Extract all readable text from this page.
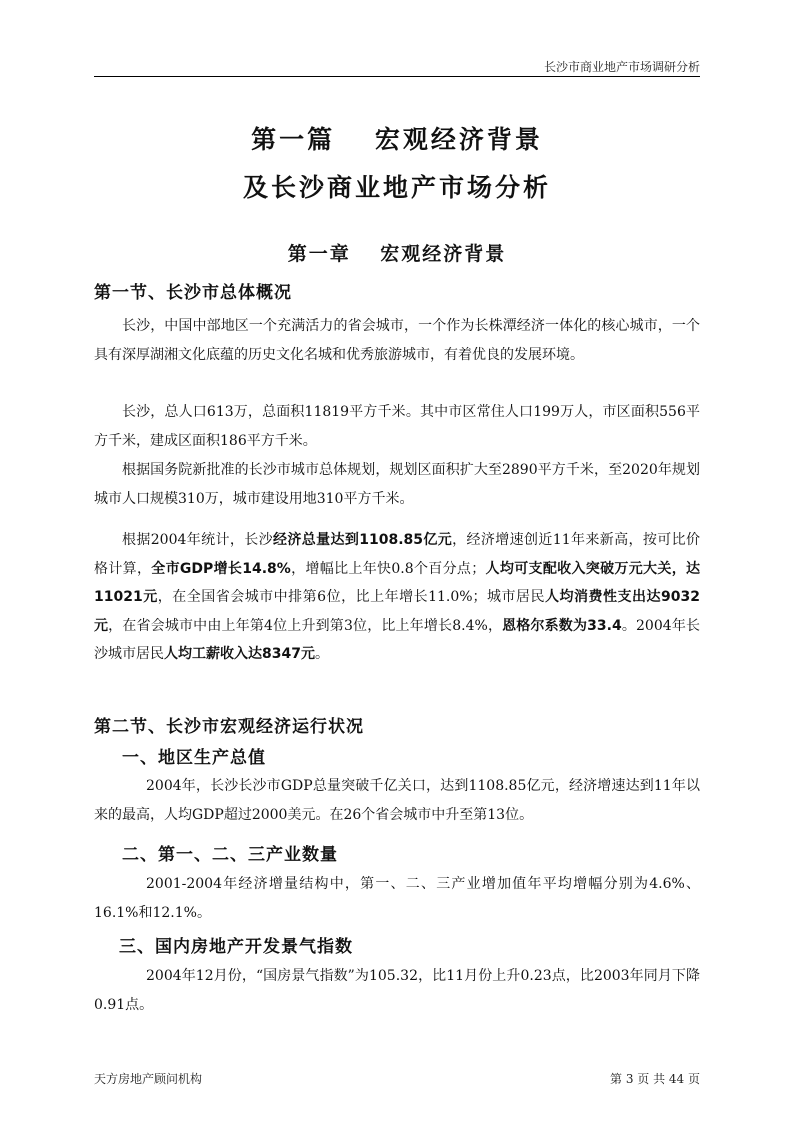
长沙市商业地产市场调研分析
第一篇　 宏观经济背景
及长沙商业地产市场分析
第一章　 宏观经济背景
第一节、长沙市总体概况

长沙，中国中部地区一个充满活力的省会城市，一个作为长株潭经济一体化的核心城市，一个具有深厚湖湘文化底蕴的历史文化名城和优秀旅游城市，有着优良的发展环境。

长沙，总人口613万，总面积11819平方千米。其中市区常住人口199万人，市区面积556平方千米，建成区面积186平方千米。

根据国务院新批准的长沙市城市总体规划，规划区面积扩大至2890平方千米，至2020年规划城市人口规模310万，城市建设用地310平方千米。

根据2004年统计，长沙经济总量达到1108.85亿元，经济增速创近11年来新高，按可比价格计算，全市GDP增长14.8%，增幅比上年快0.8个百分点；人均可支配收入突破万元大关，达11021元，在全国省会城市中排第6位，比上年增长11.0%；城市居民人均消费性支出达9032元，在省会城市中由上年第4位上升到第3位，比上年增长8.4%，恩格尔系数为33.4。2004年长沙城市居民人均工薪收入达8347元。

第二节、长沙市宏观经济运行状况
一、地区生产总值

2004年，长沙长沙市GDP总量突破千亿关口，达到1108.85亿元，经济增速达到11年以来的最高，人均GDP超过2000美元。在26个省会城市中升至第13位。

二、第一、二、三产业数量

2001-2004年经济增量结构中，第一、二、三产业增加值年平均增幅分别为4.6%、16.1%和12.1%。

三、国内房地产开发景气指数

2004年12月份，“国房景气指数”为105.32，比11月份上升0.23点，比2003年同月下降0.91点。

天方房地产顾问机构	第 3 页 共 44 页
